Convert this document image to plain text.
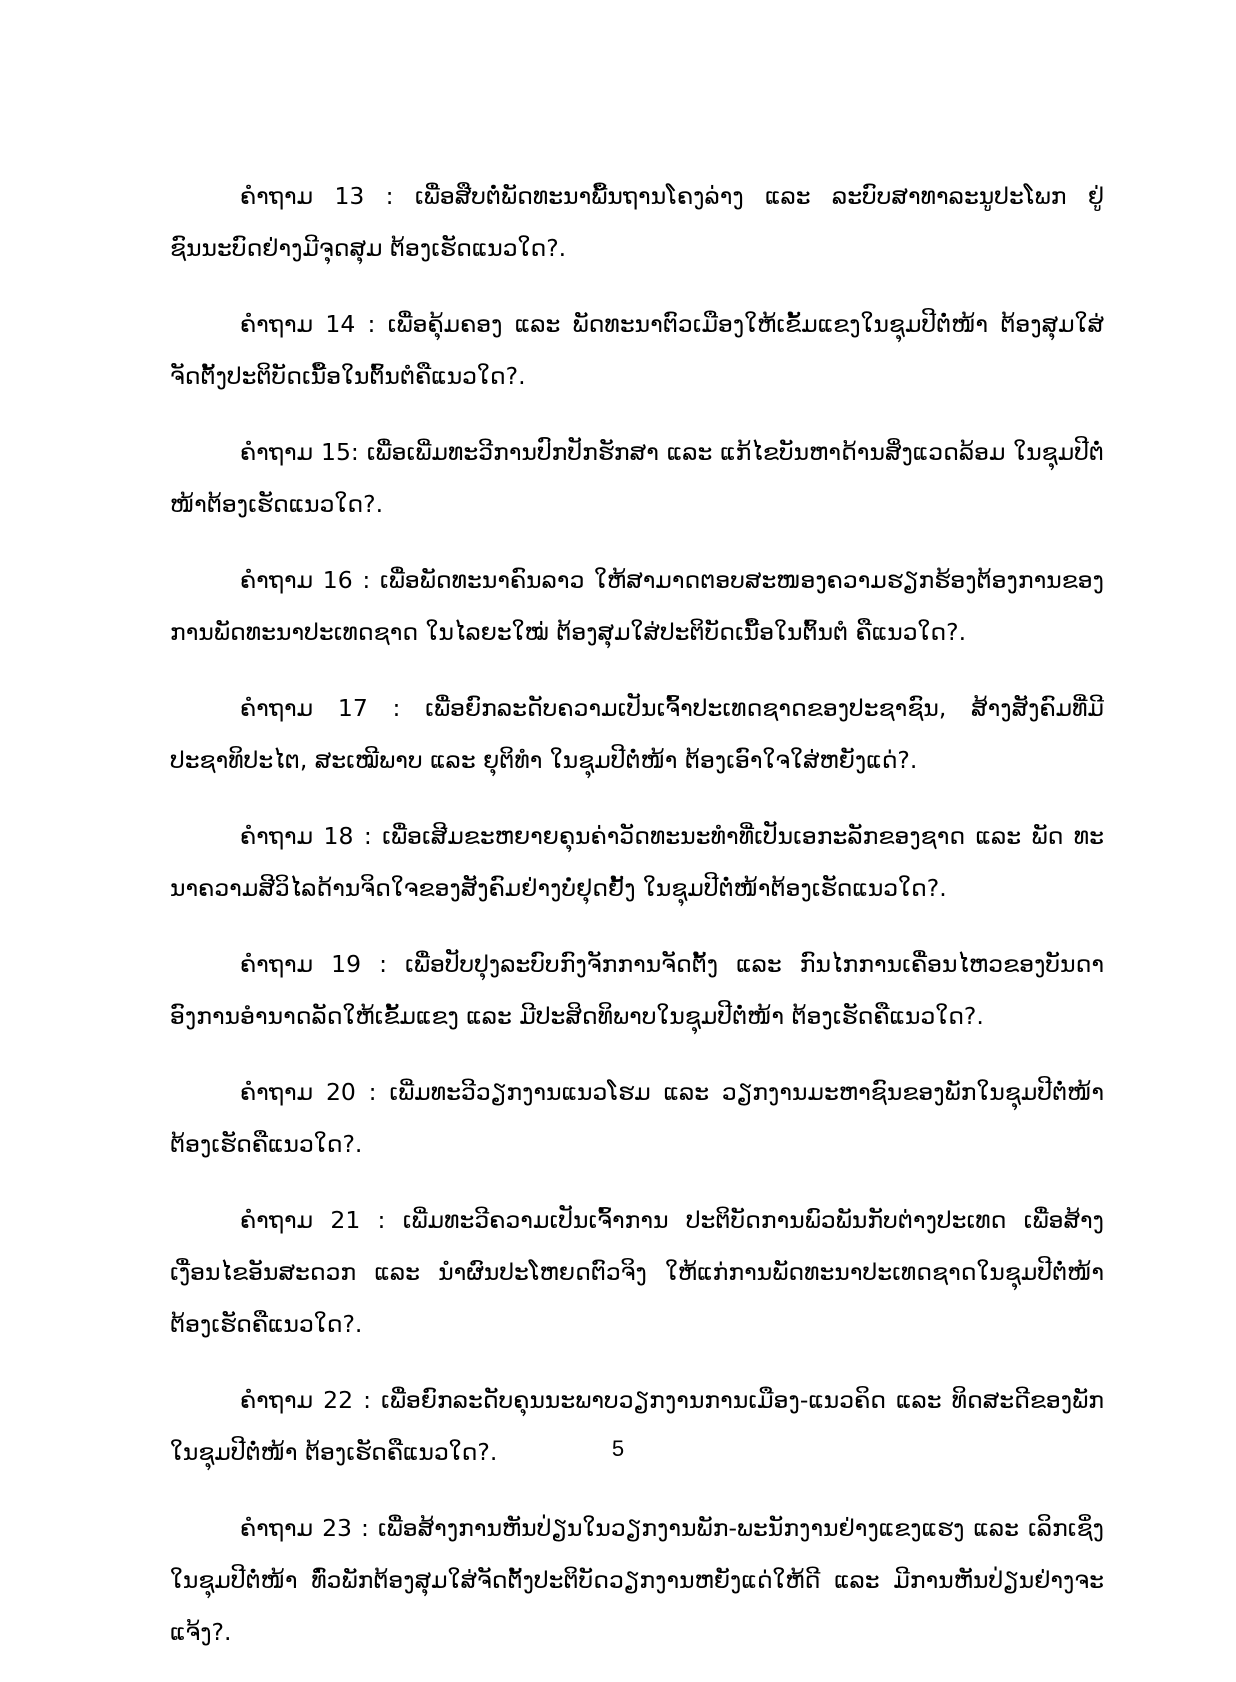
ຄຳຖາມ 13 : ເພື່ອສືບຕໍ່ພັດທະນາພື້ນຖານໂຄງລ່າງ ແລະ ລະບົບສາທາລະນູປະໂພກ ຢູ່ຊົນນະບົດຢ່າງມີຈຸດສຸມ ຕ້ອງເຮັດແນວໃດ?.

ຄຳຖາມ 14 : ເພື່ອຄຸ້ມຄອງ ແລະ ພັດທະນາຕົວເມືອງໃຫ້ເຂັ້ມແຂງໃນຊຸມປີຕໍ່ໜ້າ ຕ້ອງສຸມໃສ່ຈັດຕັ້ງປະຕິບັດເນື້ອໃນຕົ້ນຕໍຄືແນວໃດ?.

ຄຳຖາມ 15: ເພື່ອເພີ່ມທະວີການປົກປັກຮັກສາ ແລະ ແກ້ໄຂບັນຫາດ້ານສິ່ງແວດລ້ອມ ໃນຊຸມປີຕໍ່ໜ້າຕ້ອງເຮັດແນວໃດ?.

ຄຳຖາມ 16 : ເພື່ອພັດທະນາຄົນລາວ ໃຫ້ສາມາດຕອບສະໜອງຄວາມຮຽກຮ້ອງຕ້ອງການຂອງການພັດທະນາປະເທດຊາດ ໃນໄລຍະໃໝ່ ຕ້ອງສຸມໃສ່ປະຕິບັດເນື້ອໃນຕົ້ນຕໍ ຄືແນວໃດ?.

ຄຳຖາມ 17 : ເພື່ອຍົກລະດັບຄວາມເປັນເຈົ້າປະເທດຊາດຂອງປະຊາຊົນ, ສ້າງສັງຄົມທີ່ມີປະຊາທິປະໄຕ, ສະເໝີພາບ ແລະ ຍຸຕິທຳ ໃນຊຸມປີຕໍ່ໜ້າ ຕ້ອງເອົາໃຈໃສ່ຫຍັງແດ່?.

ຄຳຖາມ 18 : ເພື່ອເສີມຂະຫຍາຍຄຸນຄ່າວັດທະນະທຳທີ່ເປັນເອກະລັກຂອງຊາດ ແລະ ພັດ ທະນາຄວາມສີວິໄລດ້ານຈິດໃຈຂອງສັງຄົມຢ່າງບໍ່ຢຸດຢັ້ງ ໃນຊຸມປີຕໍ່ໜ້າຕ້ອງເຮັດແນວໃດ?.

ຄຳຖາມ 19 : ເພື່ອປັບປຸງລະບົບກົງຈັກການຈັດຕັ້ງ ແລະ ກົນໄກການເຄື່ອນໄຫວຂອງບັນດາອົງການອຳນາດລັດໃຫ້ເຂັ້ມແຂງ ແລະ ມີປະສິດທິພາບໃນຊຸມປີຕໍ່ໜ້າ ຕ້ອງເຮັດຄືແນວໃດ?.

ຄຳຖາມ 20 : ເພີ່ມທະວີວຽກງານແນວໂຮມ ແລະ ວຽກງານມະຫາຊົນຂອງພັກໃນຊຸມປີຕໍ່ໜ້າຕ້ອງເຮັດຄືແນວໃດ?.

ຄຳຖາມ 21 : ເພີ່ມທະວີຄວາມເປັນເຈົ້າການ ປະຕິບັດການພົວພັນກັບຕ່າງປະເທດ ເພື່ອສ້າງເງື່ອນໄຂອັນສະດວກ ແລະ ນຳຜົນປະໂຫຍດຕົວຈິງ ໃຫ້ແກ່ການພັດທະນາປະເທດຊາດໃນຊຸມປີຕໍ່ໜ້າຕ້ອງເຮັດຄືແນວໃດ?.

ຄຳຖາມ 22 : ເພື່ອຍົກລະດັບຄຸນນະພາບວຽກງານການເມືອງ-ແນວຄິດ ແລະ ທິດສະດີຂອງພັກໃນຊຸມປີຕໍ່ໜ້າ ຕ້ອງເຮັດຄືແນວໃດ?.

ຄຳຖາມ 23 : ເພື່ອສ້າງການຫັນປ່ຽນໃນວຽກງານພັກ-ພະນັກງານຢ່າງແຂງແຮງ ແລະ ເລິກເຊິ່ງໃນຊຸມປີຕໍ່ໜ້າ ທົ່ວພັກຕ້ອງສຸມໃສ່ຈັດຕັ້ງປະຕິບັດວຽກງານຫຍັງແດ່ໃຫ້ດີ ແລະ ມີການຫັນປ່ຽນຢ່າງຈະແຈ້ງ?.

5
